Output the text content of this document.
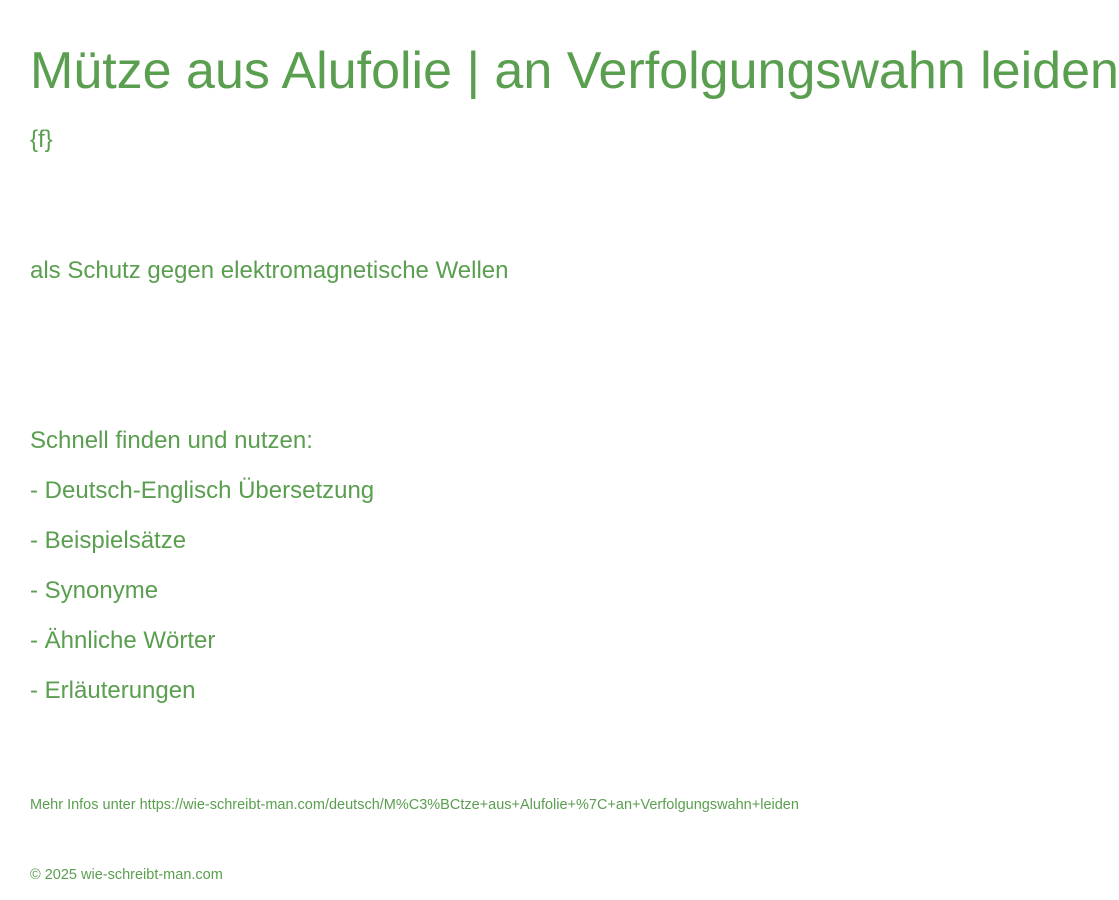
Mütze aus Alufolie | an Verfolgungswahn leiden
{f}
als Schutz gegen elektromagnetische Wellen
Schnell finden und nutzen:
- Deutsch-Englisch Übersetzung
- Beispielsätze
- Synonyme
- Ähnliche Wörter
- Erläuterungen
Mehr Infos unter https://wie-schreibt-man.com/deutsch/M%C3%BCtze+aus+Alufolie+%7C+an+Verfolgungswahn+leiden
© 2025 wie-schreibt-man.com
